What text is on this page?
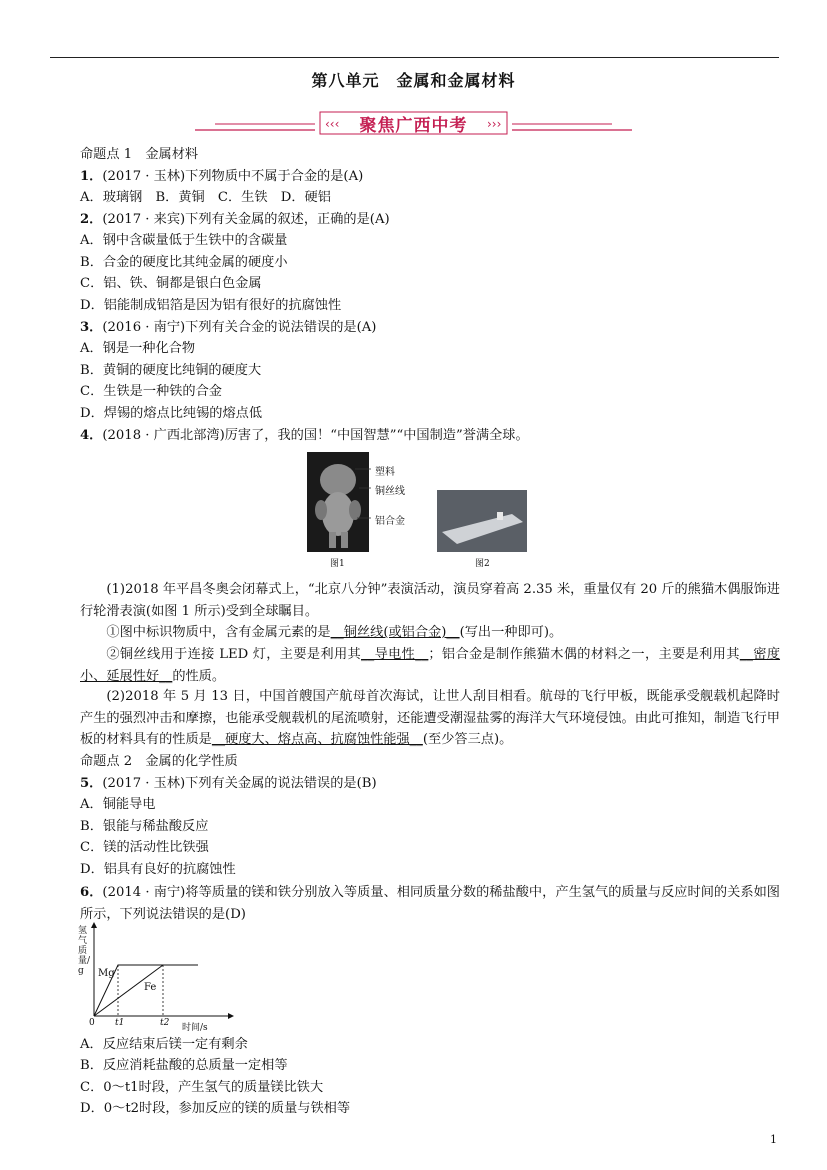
第八单元　金属和金属材料
‹‹‹	›››
聚焦广西中考
命题点 1　金属材料
1．(2017 · 玉林)下列物质中不属于合金的是(A)
A．玻璃钢　B．黄铜　C．生铁　D．硬铝
2．(2017 · 来宾)下列有关金属的叙述，正确的是(A)
A．钢中含碳量低于生铁中的含碳量
B．合金的硬度比其纯金属的硬度小
C．铝、铁、铜都是银白色金属
D．铝能制成铝箔是因为铝有很好的抗腐蚀性
3．(2016 · 南宁)下列有关合金的说法错误的是(A)
A．钢是一种化合物
B．黄铜的硬度比纯铜的硬度大
C．生铁是一种铁的合金
D．焊锡的熔点比纯锡的熔点低
4．(2018 · 广西北部湾)厉害了，我的国！“中国智慧”“中国制造”誉满全球。
塑料
铜丝线
铝合金
图1	图2
(1)2018 年平昌冬奥会闭幕式上，“北京八分钟”表演活动，演员穿着高 2.35 米，重量仅有 20 斤的熊猫木偶服饰进行轮滑表演(如图 1 所示)受到全球瞩目。
①图中标识物质中，含有金属元素的是__铜丝线(或铝合金)__(写出一种即可)。
②铜丝线用于连接 LED 灯，主要是利用其__导电性__；铝合金是制作熊猫木偶的材料之一，主要是利用其__密度小、延展性好__的性质。
(2)2018 年 5 月 13 日，中国首艘国产航母首次海试，让世人刮目相看。航母的飞行甲板，既能承受舰载机起降时产生的强烈冲击和摩擦，也能承受舰载机的尾流喷射，还能遭受潮湿盐雾的海洋大气环境侵蚀。由此可推知，制造飞行甲板的材料具有的性质是__硬度大、熔点高、抗腐蚀性能强__(至少答三点)。
命题点 2　金属的化学性质
5．(2017 · 玉林)下列有关金属的说法错误的是(B)
A．铜能导电
B．银能与稀盐酸反应
C．镁的活动性比铁强
D．铝具有良好的抗腐蚀性
6．(2014 · 南宁)将等质量的镁和铁分别放入等质量、相同质量分数的稀盐酸中，产生氢气的质量与反应时间的关系如图所示，下列说法错误的是(D)
氢气质量/g
时间/s
0 t1	t2
Mg
Fe
A．反应结束后镁一定有剩余
B．反应消耗盐酸的总质量一定相等
C．0～t1时段，产生氢气的质量镁比铁大
D．0～t2时段，参加反应的镁的质量与铁相等
1
